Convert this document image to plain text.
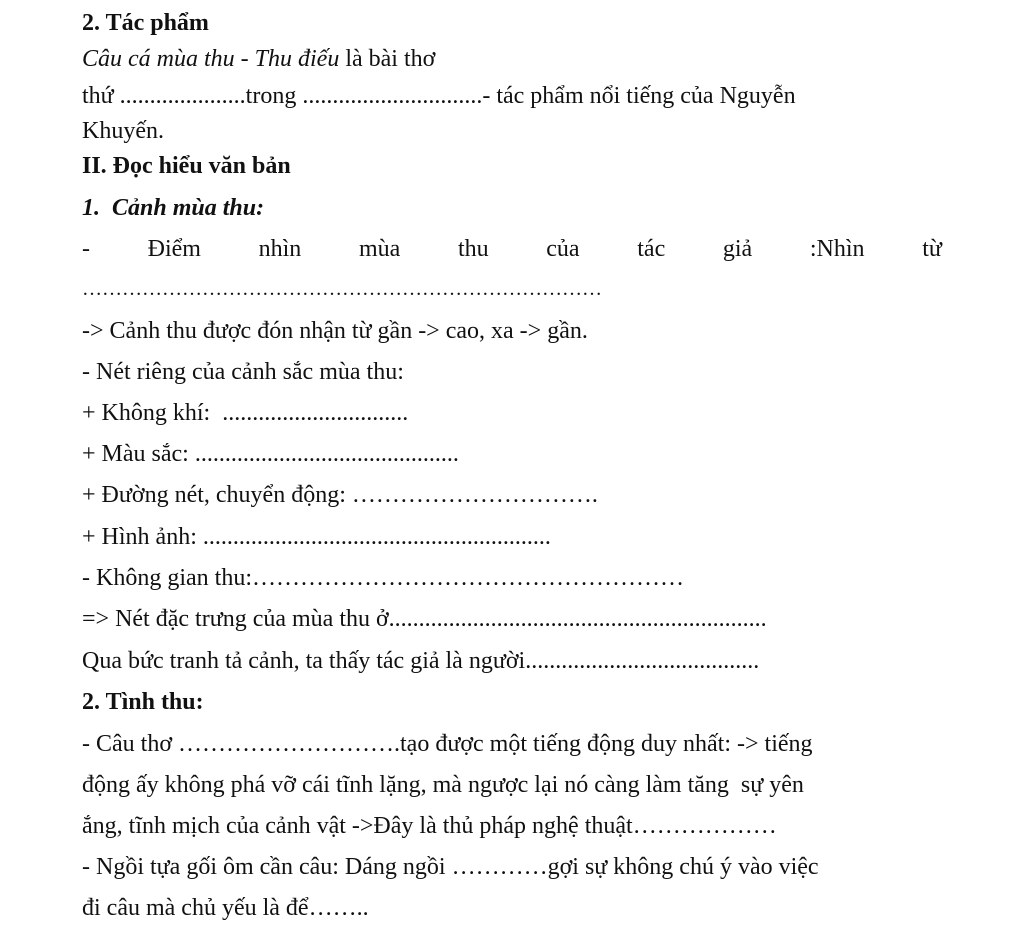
2. Tác phẩm
Câu cá mùa thu - Thu điếu là bài thơ
thứ .....................trong ..............................- tác phẩm nổi tiếng của Nguyễn
Khuyến.
II. Đọc hiểu văn bản
1.  Cảnh mùa thu:
- Điểm nhìn mùa thu của tác giả :Nhìn từ
……………………………………………………………………
-> Cảnh thu được đón nhận từ gần -> cao, xa -> gần.
- Nét riêng của cảnh sắc mùa thu:
+ Không khí:  ...............................
+ Màu sắc: ............................................
+ Đường nét, chuyển động: ………………………….
+ Hình ảnh: ..........................................................
- Không gian thu:………………………………………………
=> Nét đặc trưng của mùa thu ở...............................................................
Qua bức tranh tả cảnh, ta thấy tác giả là người.......................................
2. Tình thu:
- Câu thơ ……………………….tạo được một tiếng động duy nhất: -> tiếng
động ấy không phá vỡ cái tĩnh lặng, mà ngược lại nó càng làm tăng  sự yên
ắng, tĩnh mịch của cảnh vật ->Đây là thủ pháp nghệ thuật………………
- Ngồi tựa gối ôm cần câu: Dáng ngồi …………gợi sự không chú ý vào việc
đi câu mà chủ yếu là để……..
